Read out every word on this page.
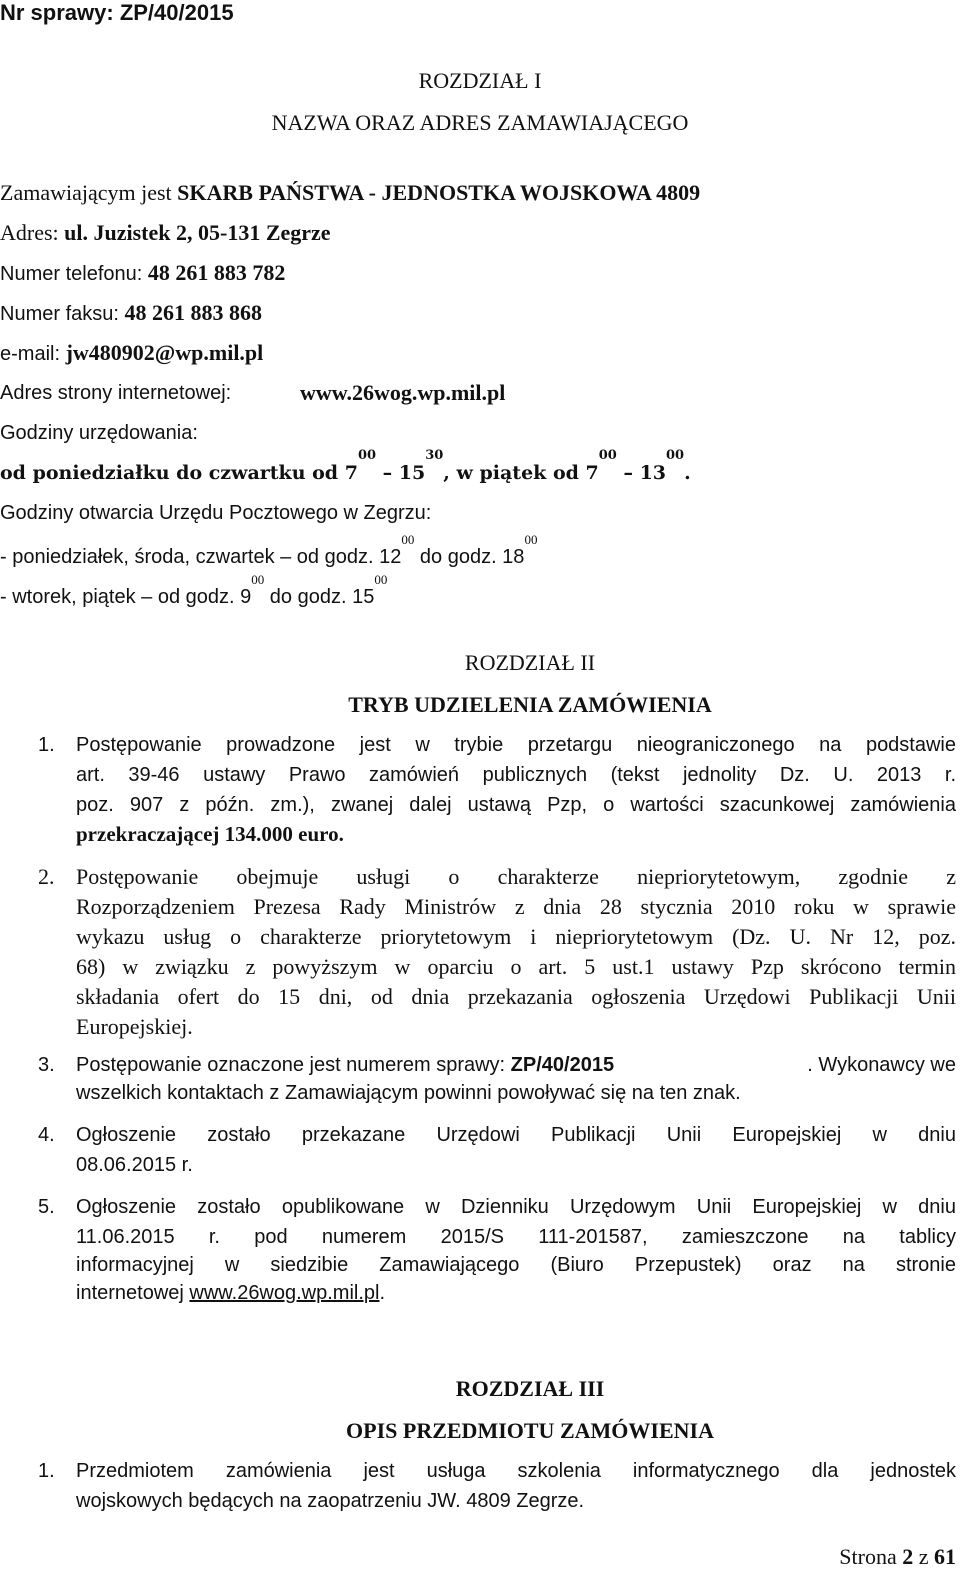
Nr sprawy: ZP/40/2015
ROZDZIAŁ I
NAZWA ORAZ ADRES ZAMAWIAJĄCEGO
Zamawiającym jest SKARB PAŃSTWA - JEDNOSTKA WOJSKOWA 4809
Adres: ul. Juzistek 2, 05-131 Zegrze
Numer telefonu: 48 261 883 782
Numer faksu: 48 261 883 868
e-mail: jw480902@wp.mil.pl
Adres strony internetowej:	www.26wog.wp.mil.pl
Godziny urzędowania:
od poniedziałku do czwartku od $7^{00} - 15^{30}$, w piątek od $7^{00} - 13^{00}$.
Godziny otwarcia Urzędu Pocztowego w Zegrzu:
- poniedziałek, środa, czwartek – od godz. $12^{00}$ do godz. $18^{00}$
- wtorek, piątek – od godz. $9^{00}$ do godz. $15^{00}$
ROZDZIAŁ II
TRYB UDZIELENIA ZAMÓWIENIA
1. Postępowanie prowadzone jest w trybie przetargu nieograniczonego na podstawie
art. 39-46 ustawy Prawo zamówień publicznych (tekst jednolity Dz. U. 2013 r.
poz. 907 z późn. zm.), zwanej dalej ustawą Pzp, o wartości szacunkowej zamówienia
przekraczającej 134.000 euro.
2. Postępowanie obejmuje usługi o charakterze niepriorytetowym, zgodnie z
Rozporządzeniem Prezesa Rady Ministrów z dnia 28 stycznia 2010 roku w sprawie
wykazu usług o charakterze priorytetowym i niepriorytetowym (Dz. U. Nr 12, poz.
68) w związku z powyższym w oparciu o art. 5 ust.1 ustawy Pzp skrócono termin
składania ofert do 15 dni, od dnia przekazania ogłoszenia Urzędowi Publikacji Unii
Europejskiej.
3. Postępowanie oznaczone jest numerem sprawy: ZP/40/2015	. Wykonawcy we
wszelkich kontaktach z Zamawiającym powinni powoływać się na ten znak.
4. Ogłoszenie zostało przekazane Urzędowi Publikacji Unii Europejskiej w dniu
08.06.2015 r.
5. Ogłoszenie zostało opublikowane w Dzienniku Urzędowym Unii Europejskiej w dniu
11.06.2015 r. pod numerem 2015/S 111-201587, zamieszczone na tablicy
informacyjnej w siedzibie Zamawiającego (Biuro Przepustek) oraz na stronie
internetowej www.26wog.wp.mil.pl.
ROZDZIAŁ III
OPIS PRZEDMIOTU ZAMÓWIENIA
1. Przedmiotem zamówienia jest usługa szkolenia informatycznego dla jednostek
wojskowych będących na zaopatrzeniu JW. 4809 Zegrze.
Strona 2 z 61
